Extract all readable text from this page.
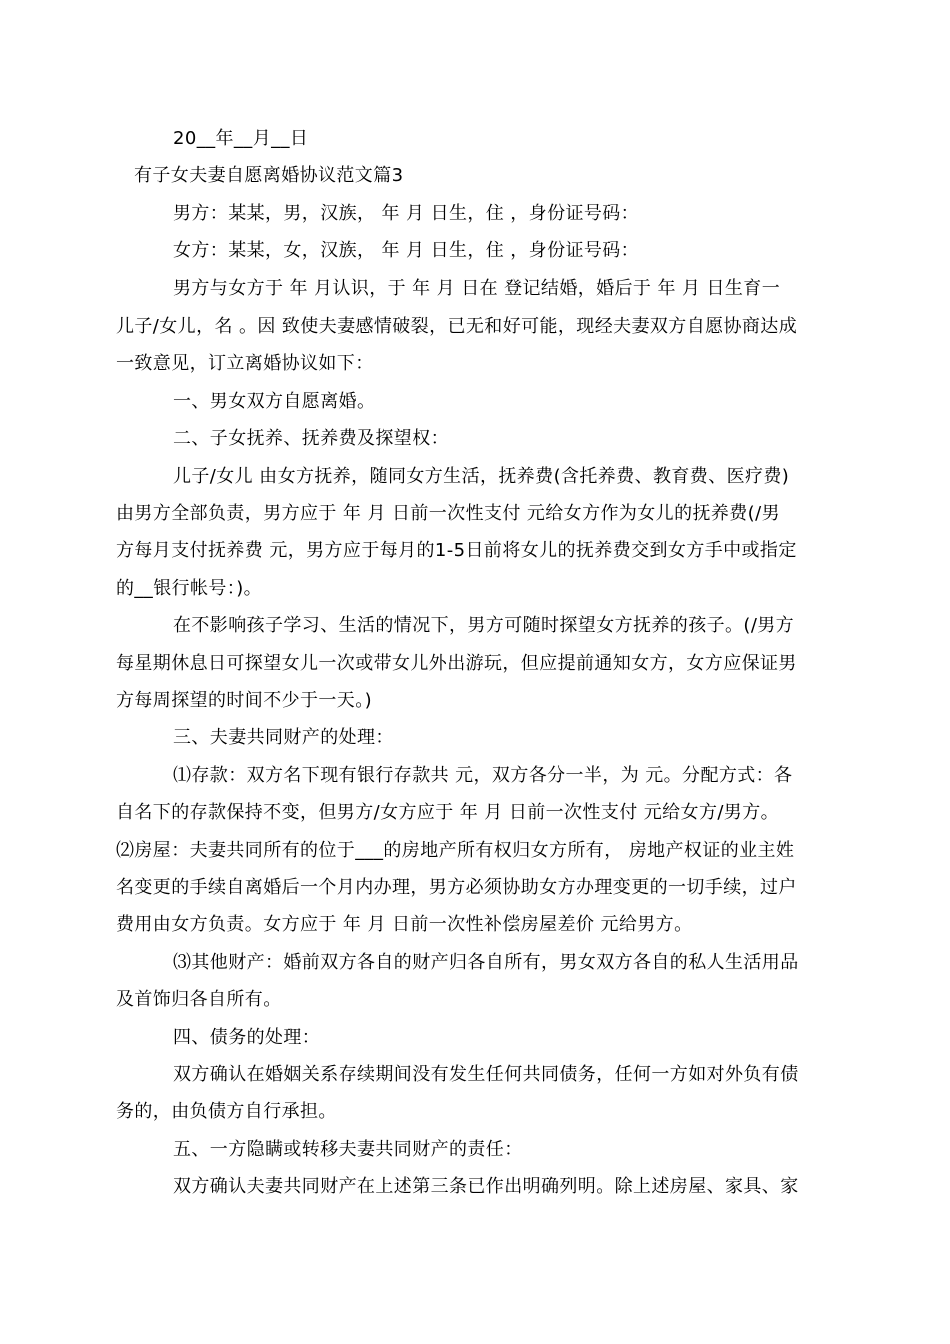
20__年__月__日
有子女夫妻自愿离婚协议范文篇3
男方：某某，男，汉族， 年 月 日生，住 ，身份证号码：
女方：某某，女，汉族， 年 月 日生，住 ，身份证号码：
男方与女方于 年 月认识，于 年 月 日在 登记结婚，婚后于 年 月 日生育一
儿子/女儿，名 。因 致使夫妻感情破裂，已无和好可能，现经夫妻双方自愿协商达成
一致意见，订立离婚协议如下：
一、男女双方自愿离婚。
二、子女抚养、抚养费及探望权：
儿子/女儿 由女方抚养，随同女方生活，抚养费(含托养费、教育费、医疗费)
由男方全部负责，男方应于 年 月 日前一次性支付 元给女方作为女儿的抚养费(/男
方每月支付抚养费 元，男方应于每月的1-5日前将女儿的抚养费交到女方手中或指定
的__银行帐号：)。
在不影响孩子学习、生活的情况下，男方可随时探望女方抚养的孩子。(/男方
每星期休息日可探望女儿一次或带女儿外出游玩，但应提前通知女方，女方应保证男
方每周探望的时间不少于一天。)
三、夫妻共同财产的处理：
⑴存款：双方名下现有银行存款共 元，双方各分一半，为 元。分配方式：各
自名下的存款保持不变，但男方/女方应于 年 月 日前一次性支付 元给女方/男方。
⑵房屋：夫妻共同所有的位于___的房地产所有权归女方所有， 房地产权证的业主姓
名变更的手续自离婚后一个月内办理，男方必须协助女方办理变更的一切手续，过户
费用由女方负责。女方应于 年 月 日前一次性补偿房屋差价 元给男方。
⑶其他财产：婚前双方各自的财产归各自所有，男女双方各自的私人生活用品
及首饰归各自所有。
四、债务的处理：
双方确认在婚姻关系存续期间没有发生任何共同债务，任何一方如对外负有债
务的，由负债方自行承担。
五、一方隐瞒或转移夫妻共同财产的责任：
双方确认夫妻共同财产在上述第三条已作出明确列明。除上述房屋、家具、家
